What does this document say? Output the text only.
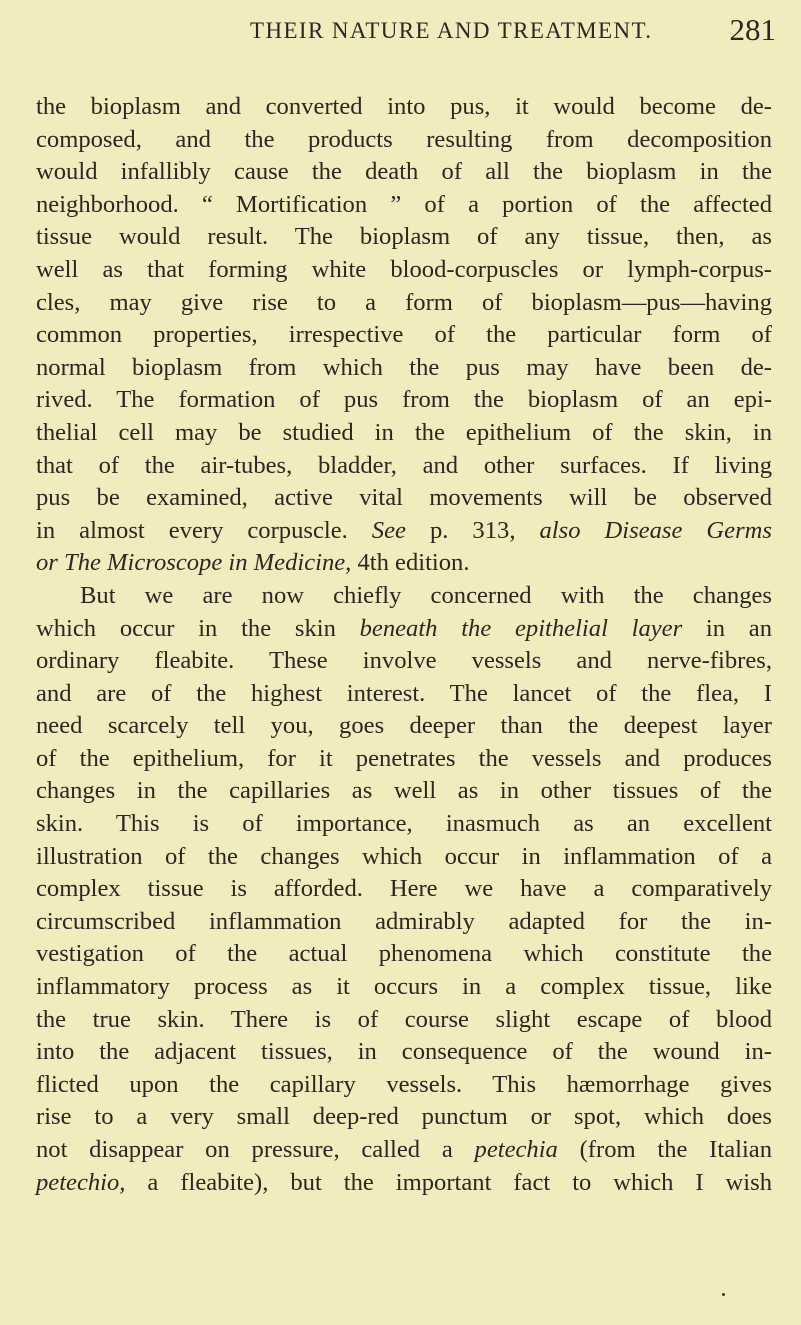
THEIR NATURE AND TREATMENT. 281
the bioplasm and converted into pus, it would become de-
composed, and the products resulting from decomposition
would infallibly cause the death of all the bioplasm in the
neighborhood. “ Mortification ” of a portion of the affected
tissue would result. The bioplasm of any tissue, then, as
well as that forming white blood-corpuscles or lymph-corpus-
cles, may give rise to a form of bioplasm—pus—having
common properties, irrespective of the particular form of
normal bioplasm from which the pus may have been de-
rived. The formation of pus from the bioplasm of an epi-
thelial cell may be studied in the epithelium of the skin, in
that of the air-tubes, bladder, and other surfaces. If living
pus be examined, active vital movements will be observed
in almost every corpuscle. See p. 313, also Disease Germs
or The Microscope in Medicine, 4th edition.
But we are now chiefly concerned with the changes
which occur in the skin beneath the epithelial layer in an
ordinary fleabite. These involve vessels and nerve-fibres,
and are of the highest interest. The lancet of the flea, I
need scarcely tell you, goes deeper than the deepest layer
of the epithelium, for it penetrates the vessels and produces
changes in the capillaries as well as in other tissues of the
skin. This is of importance, inasmuch as an excellent
illustration of the changes which occur in inflammation of a
complex tissue is afforded. Here we have a comparatively
circumscribed inflammation admirably adapted for the in-
vestigation of the actual phenomena which constitute the
inflammatory process as it occurs in a complex tissue, like
the true skin. There is of course slight escape of blood
into the adjacent tissues, in consequence of the wound in-
flicted upon the capillary vessels. This hæmorrhage gives
rise to a very small deep-red punctum or spot, which does
not disappear on pressure, called a petechia (from the Italian
petechio, a fleabite), but the important fact to which I wish
